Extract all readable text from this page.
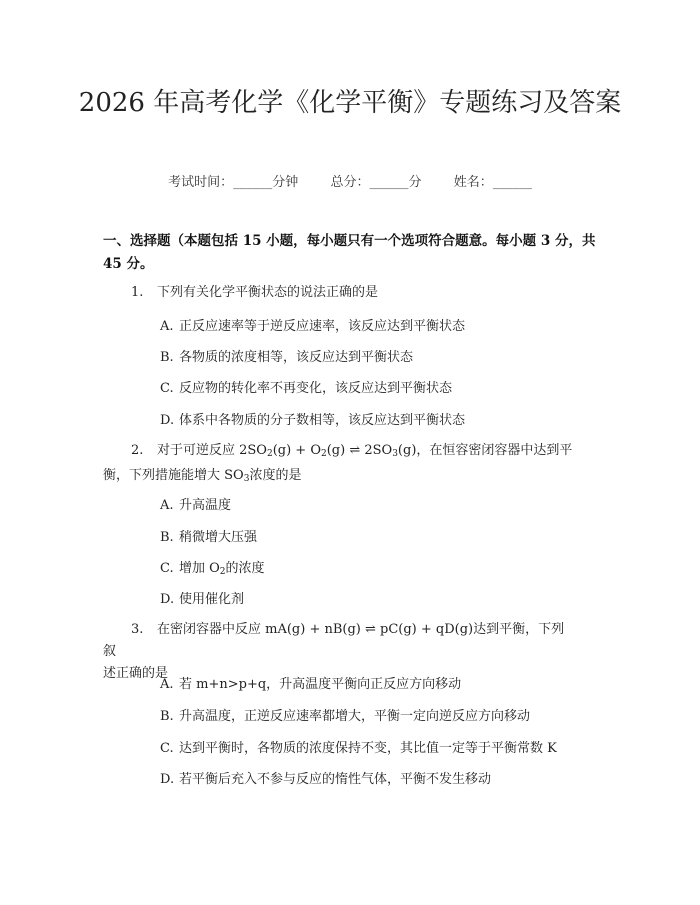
2026 年高考化学《化学平衡》专题练习及答案
考试时间：______分钟 总分：______分 姓名：______
一、选择题（本题包括 15 小题，每小题只有一个选项符合题意。每小题 3 分，共 45 分。
1. 下列有关化学平衡状态的说法正确的是
A. 正反应速率等于逆反应速率，该反应达到平衡状态
B. 各物质的浓度相等，该反应达到平衡状态
C. 反应物的转化率不再变化，该反应达到平衡状态
D. 体系中各物质的分子数相等，该反应达到平衡状态
2. 对于可逆反应 $2SO_2(g) + O_2(g)$ ⇌ $2SO_3(g)$，在恒容密闭容器中达到平
衡，下列措施能增大 $SO_3$浓度的是
A. 升高温度
B. 稍微增大压强
C. 增加 $O_2$的浓度
D. 使用催化剂
3. 在密闭容器中反应 mA(g) + nB(g) ⇌ pC(g) + qD(g)达到平衡，下列叙
述正确的是
A. 若 m+n>p+q，升高温度平衡向正反应方向移动
B. 升高温度，正逆反应速率都增大，平衡一定向逆反应方向移动
C. 达到平衡时，各物质的浓度保持不变，其比值一定等于平衡常数 K
D. 若平衡后充入不参与反应的惰性气体，平衡不发生移动
